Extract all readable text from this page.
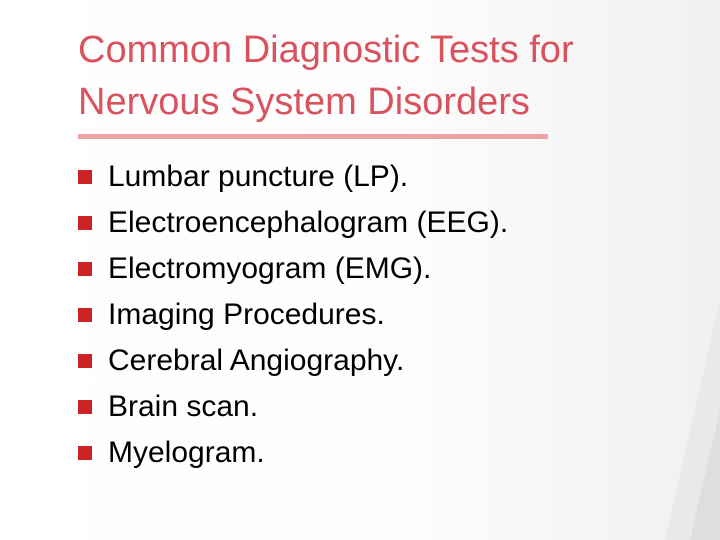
Common Diagnostic Tests for
Nervous System Disorders
Lumbar puncture (LP).
Electroencephalogram (EEG).
Electromyogram (EMG).
Imaging Procedures.
Cerebral Angiography.
Brain scan.
Myelogram.
